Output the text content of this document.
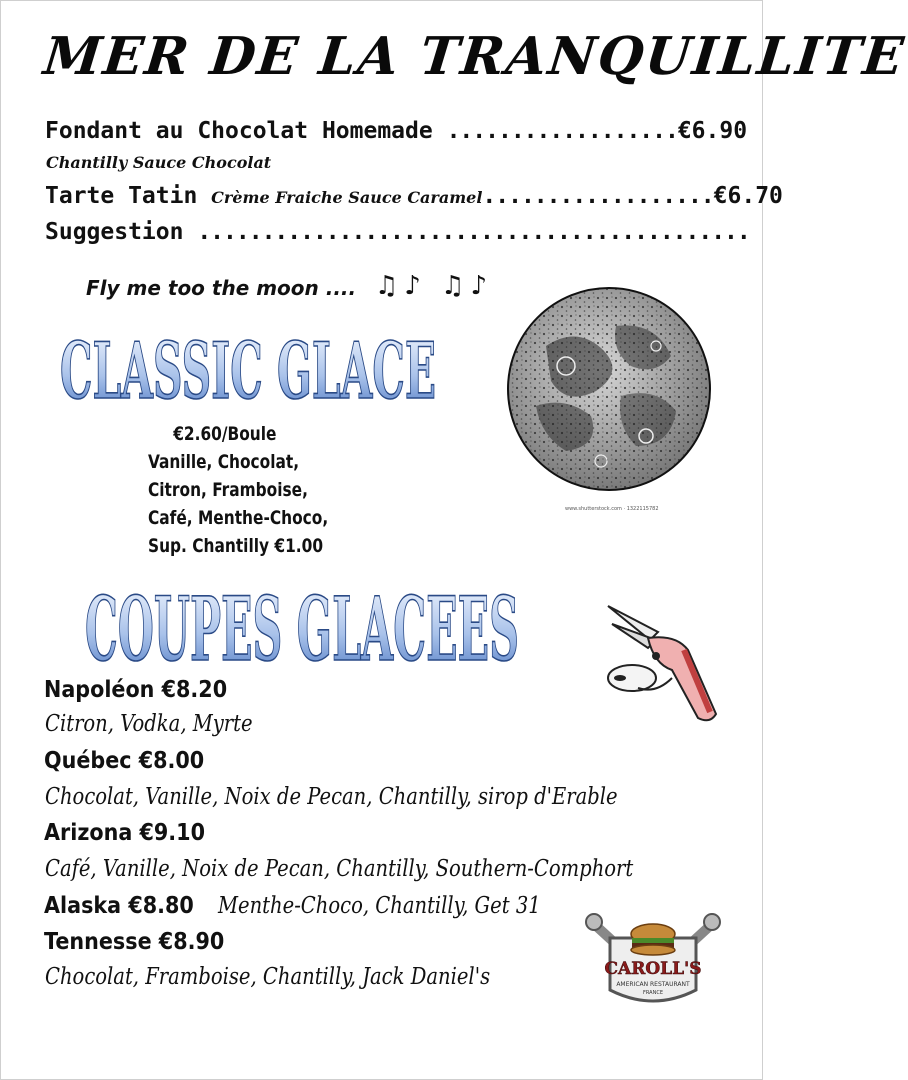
MER DE LA TRANQUILLITE
Fondant au Chocolat Homemade ..................€6.90
Chantilly Sauce Chocolat
Tarte Tatin Crème Fraiche Sauce Caramel..................€6.70
Suggestion ...........................................
Fly me too the moon .... ♫♪ ♫♪
CLASSIC GLACE
€2.60/Boule
Vanille, Chocolat,
Citron, Framboise,
Café, Menthe-Choco,
Sup. Chantilly €1.00
www.shutterstock.com · 1322115782
COUPES GLACEES
Napoléon €8.20
Citron, Vodka, Myrte
Québec €8.00
Chocolat, Vanille, Noix de Pecan, Chantilly, sirop d'Erable
Arizona €9.10
Café, Vanille, Noix de Pecan, Chantilly, Southern-Comphort
Alaska €8.80 Menthe-Choco, Chantilly, Get 31
Tennesse €8.90
Chocolat, Framboise, Chantilly, Jack Daniel's	CAROLL'S
AMERICAN RESTAURANT
FRANCE
